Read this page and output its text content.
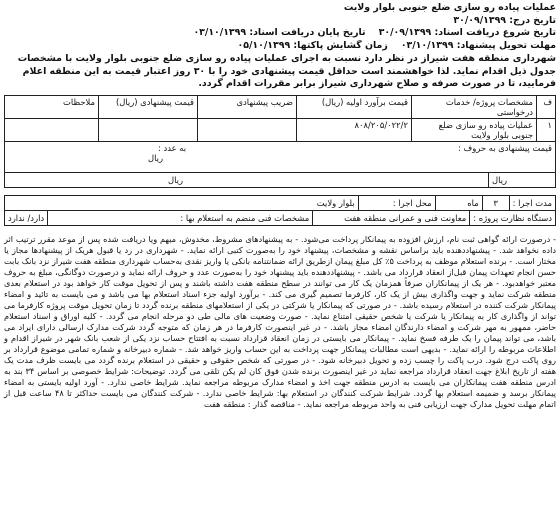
عملیات پیاده رو سازی ضلع جنوبی بلوار ولایت
تاریخ درج: ۳۰/۰۹/۱۳۹۹
تاریخ شروع دریافت اسناد: ۳۰/۰۹/۱۳۹۹    تاریخ پایان دریافت اسناد: ۰۳/۱۰/۱۳۹۹
مهلت تحویل پیشنهاد: ۰۳/۱۰/۱۳۹۹    زمان گشایش پاکتها: ۰۵/۱۰/۱۳۹۹
شهرداری منطقه هفت شیراز در نظر دارد نسبت به اجرای عملیات پیاده رو سازی ضلع جنوبی بلوار ولایت با مشخصات جدول ذیل اقدام نماید. لذا خواهشمند است حداقل قیمت پیشنهادی خود را با ۳۰ روز اعتبار قیمت به این منطقه اعلام فرمایید، تا در صورت صرفه و صلاح شهرداری شیراز برابر مقررات اقدام گردد.
ف	مشخصات پروژه/ خدمات درخواستی	قیمت برآورد اولیه (ریال)	ضریب پیشنهادی	قیمت پیشنهادی (ریال)	ملاحظات
۱	عملیات پیاده رو سازی ضلع جنوبی بلوار ولایت	۸۰۸/۲۰۵/۰۲۲/۲			
قیمت پیشنهادی به حروف :
به عدد :
ریال
ریال
ریال
مدت اجرا :
۳
ماه
محل اجرا :
بلوار ولایت
دستگاه نظارت پروژه :
معاونت فنی و عمرانی منطقه هفت
مشخصات فنی منضم به استعلام بها :
دارد/ ندارد
- درصورت ارائه گواهی ثبت نام، ارزش افزوده به پیمانکار پرداخت می‌شود. - به پیشنهادهای مشروط، مخدوش، مبهم ویا دریافت شده پس از موعد مقرر ترتیب اثر داده نخواهد شد. - پیشنهاددهنده باید براساس نقشه و مشخصات، پیشنهاد خود را به‌صورت کتبی ارائه نماید. - شهرداری در رد یا قبول هریک از پیشنهادها مجاز یا مختار است. - برنده استعلام موظف به پرداخت ۵٪ کل مبلغ پیمان از‌طریق ارائه ضمانتنامه بانکی یا واریز نقدی به‌حساب شهرداری منطقه هفت شیراز نزد بانک بابت حسن انجام تعهدات پیمان قبل‌از انعقاد قرارداد می باشد. - پیشنهاددهنده باید پیشنهاد خود را به‌صورت عدد و حروف ارائه نماید و درصورت دوگانگی، مبلغ به حروف معتبر خواهدبود. - هر یک از پیمانکاران صرفاً همزمان یک کار می توانند در سطح منطقه هفت داشته باشند و پس از تحویل موقت کار خواهد بود در استعلام بعدی منطقه شرکت نماید و جهت واگذاری بیش از یک کار، کارفرما تصمیم گیری می کند. - برآورد اولیه جزء اسناد استعلام بها می باشد و می بایست به تائید و امضاء پیمانکار شرکت کننده در استعلام رسیده باشد. - در صورتی که پیمانکار یا شرکتی در یکی از استعلامهای منطقه برنده گردد تا زمان تحویل موقت پروژه کارفرما می تواند از واگذاری کار به پیمانکار یا شرکت یا شخص حقیقی امتناع نماید. - صورت وضعیت های مالی طی دو مرحله انجام می گردد. - کلیه اوراق و اسناد استعلام حاضر، ممهور به مهر شرکت و امضاء دارندگان امضاء مجاز باشد. - در غیر اینصورت کارفرما در هر زمان که متوجه گردد شرکت مدارک ارسالی دارای ایراد می باشد، می تواند پیمان را یک طرفه فسخ نماید. - پیمانکار می بایستی در زمان انعقاد قرارداد نسبت به افتتاح حساب نزد یکی از شعب بانک شهر در شیراز اقدام و اطلاعات مربوطه را ارائه نماید. - بدیهی است مطالبات پیمانکار جهت پرداخت به این حساب واریز خواهد شد. - شماره دبیرخانه و شماره تمامی موضوع قرارداد بر روی پاکت درج شود. درب پاکت را چسب زده و تحویل دبیرخانه شود. - در صورتی که شخص حقوقی و حقیقی در استعلام برنده گردد می بایست ظرف مدت یک هفته از تاریخ ابلاغ جهت انعقاد قرارداد مراجعه نماید در غیر اینصورت برنده شدن فوق کان لم یکن تلقی می گردد. توضیحات: شرایط خصوصی بر اساس ۳۴ بند به ادرس منطقه هفت پیمانکاران می بایست به ادرس منطقه جهت اخذ و امضاء مدارک مربوطه مراجعه نماید. شرایط خاصی ندارد. - آورد اولیه بایستی به امضاء پیمانکار برسد و ضمیمه استعلام بها گردد. شرایط شرکت کنندگان در استعلام بها: شرایط خاصی ندارد. - شرکت کنندگان می بایست حداکثر تا ۴۸ ساعت قبل از اتمام مهلت تحویل مدارک جهت ارزیابی فنی به واحد مربوطه مراجعه نماید. - مناقصه گذار : منطقه هفت
